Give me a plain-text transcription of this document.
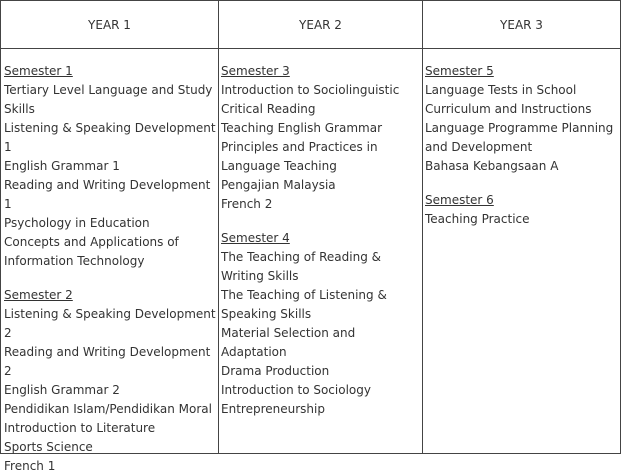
YEAR 1	YEAR 2	YEAR 3
Semester 1
Tertiary Level Language and Study
Skills
Listening & Speaking Development
1
English Grammar 1
Reading and Writing Development 1
Psychology in Education
Concepts and Applications of
Information Technology
Semester 2
Listening & Speaking Development
2
Reading and Writing Development 2
English Grammar 2
Pendidikan Islam/Pendidikan Moral
Introduction to Literature
Sports Science
French 1
Semester 3
Introduction to Sociolinguistic
Critical Reading
Teaching English Grammar
Principles and Practices in
Language Teaching
Pengajian Malaysia
French 2
Semester 4
The Teaching of Reading &
Writing Skills
The Teaching of Listening &
Speaking Skills
Material Selection and Adaptation
Drama Production
Introduction to Sociology
Entrepreneurship
Semester 5
Language Tests in School
Curriculum and Instructions
Language Programme Planning
and Development
Bahasa Kebangsaan A
Semester 6
Teaching Practice
